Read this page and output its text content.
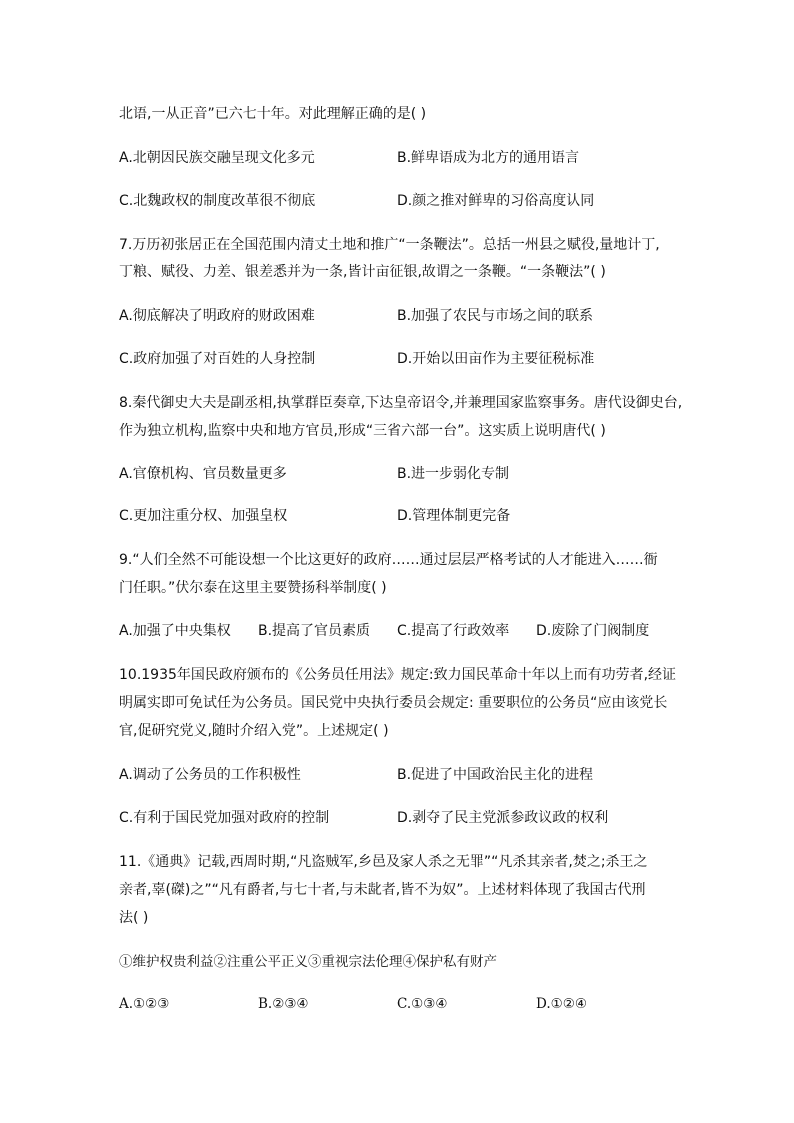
北语,一从正音”已六七十年。对此理解正确的是( )
A.北朝因民族交融呈现文化多元	B.鲜卑语成为北方的通用语言
C.北魏政权的制度改革很不彻底	D.颜之推对鲜卑的习俗高度认同
7.万历初张居正在全国范围内清丈土地和推广“一条鞭法”。总括一州县之赋役,量地计丁,
丁粮、赋役、力差、银差悉并为一条,皆计亩征银,故谓之一条鞭。“一条鞭法”( )
A.彻底解决了明政府的财政困难	B.加强了农民与市场之间的联系
C.政府加强了对百姓的人身控制	D.开始以田亩作为主要征税标准
8.秦代御史大夫是副丞相,执掌群臣奏章,下达皇帝诏令,并兼理国家监察事务。唐代设御史台,
作为独立机构,监察中央和地方官员,形成“三省六部一台”。这实质上说明唐代( )
A.官僚机构、官员数量更多	B.进一步弱化专制
C.更加注重分权、加强皇权	D.管理体制更完备
9.“人们全然不可能设想一个比这更好的政府……通过层层严格考试的人才能进入……衙
门任职。”伏尔泰在这里主要赞扬科举制度( )
A.加强了中央集权 B.提高了官员素质 C.提高了行政效率 D.废除了门阀制度
10.1935年国民政府颁布的《公务员任用法》规定:致力国民革命十年以上而有功劳者,经证
明属实即可免试任为公务员。国民党中央执行委员会规定: 重要职位的公务员“应由该党长
官,促研究党义,随时介绍入党”。上述规定( )
A.调动了公务员的工作积极性	B.促进了中国政治民主化的进程
C.有利于国民党加强对政府的控制	D.剥夺了民主党派参政议政的权利
11.《通典》记载,西周时期,“凡盗贼军,乡邑及家人杀之无罪”“凡杀其亲者,焚之;杀王之
亲者,辜(磔)之”“凡有爵者,与七十者,与未龀者,皆不为奴”。上述材料体现了我国古代刑
法( )
①维护权贵利益②注重公平正义③重视宗法伦理④保护私有财产
A.①②③	B.②③④	C.①③④	D.①②④
